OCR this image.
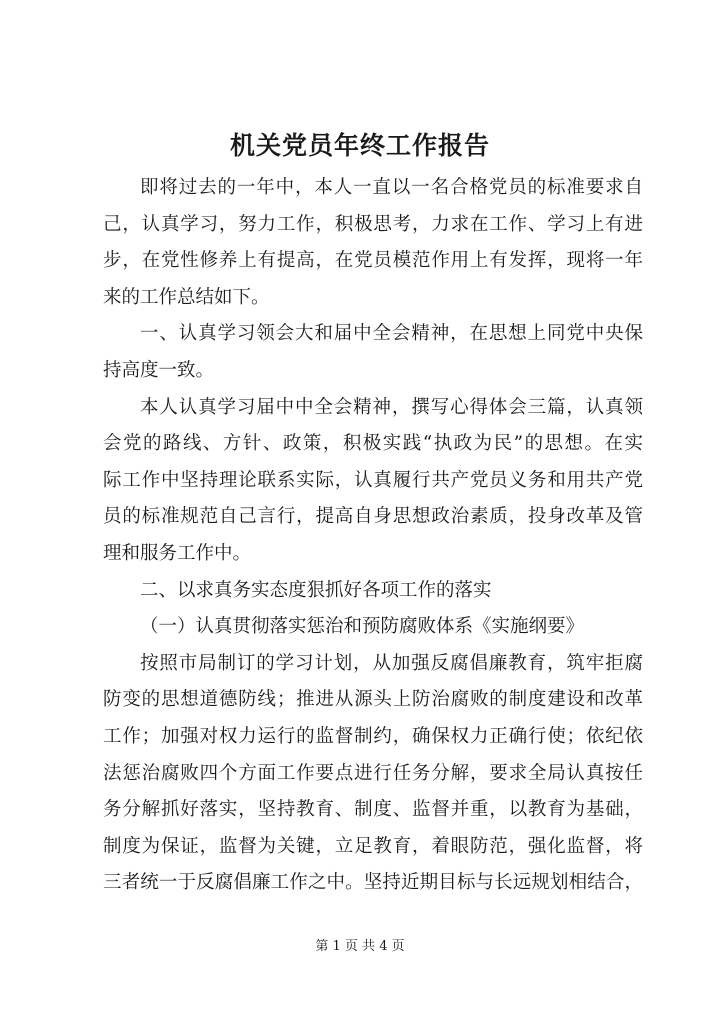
机关党员年终工作报告
即将过去的一年中，本人一直以一名合格党员的标准要求自
己，认真学习，努力工作，积极思考，力求在工作、学习上有进
步，在党性修养上有提高，在党员模范作用上有发挥，现将一年
来的工作总结如下。
一、认真学习领会大和届中全会精神，在思想上同党中央保
持高度一致。
本人认真学习届中中全会精神，撰写心得体会三篇，认真领
会党的路线、方针、政策，积极实践“执政为民”的思想。在实
际工作中坚持理论联系实际，认真履行共产党员义务和用共产党
员的标准规范自己言行，提高自身思想政治素质，投身改革及管
理和服务工作中。
二、以求真务实态度狠抓好各项工作的落实
（一）认真贯彻落实惩治和预防腐败体系《实施纲要》
按照市局制订的学习计划，从加强反腐倡廉教育，筑牢拒腐
防变的思想道德防线；推进从源头上防治腐败的制度建设和改革
工作；加强对权力运行的监督制约，确保权力正确行使；依纪依
法惩治腐败四个方面工作要点进行任务分解，要求全局认真按任
务分解抓好落实，坚持教育、制度、监督并重，以教育为基础，
制度为保证，监督为关键，立足教育，着眼防范，强化监督，将
三者统一于反腐倡廉工作之中。坚持近期目标与长远规划相结合，
第 1 页 共 4 页
